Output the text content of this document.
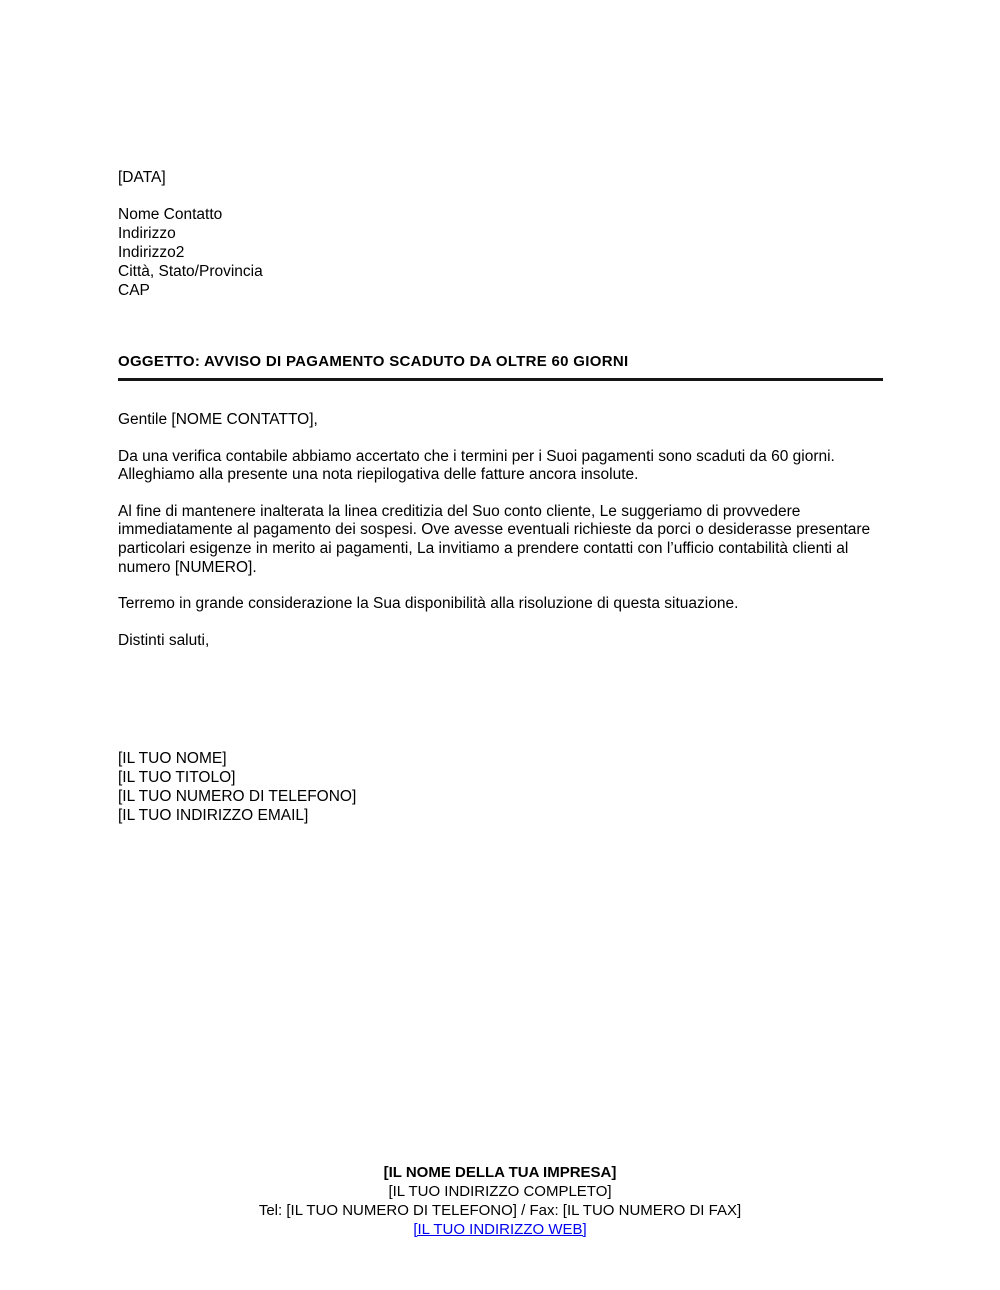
[DATA]
Nome Contatto
Indirizzo
Indirizzo2
Città, Stato/Provincia
CAP
OGGETTO: AVVISO DI PAGAMENTO SCADUTO DA OLTRE 60 GIORNI

Gentile [NOME CONTATTO],

Da una verifica contabile abbiamo accertato che i termini per i Suoi pagamenti sono scaduti da 60 giorni. Alleghiamo alla presente una nota riepilogativa delle fatture ancora insolute.

Al fine di mantenere inalterata la linea creditizia del Suo conto cliente, Le suggeriamo di provvedere immediatamente al pagamento dei sospesi. Ove avesse eventuali richieste da porci o desiderasse presentare particolari esigenze in merito ai pagamenti, La invitiamo a prendere contatti con l’ufficio contabilità clienti al numero [NUMERO].

Terremo in grande considerazione la Sua disponibilità alla risoluzione di questa situazione.

Distinti saluti,

[IL TUO NOME]
[IL TUO TITOLO]
[IL TUO NUMERO DI TELEFONO]
[IL TUO INDIRIZZO EMAIL]
[IL NOME DELLA TUA IMPRESA]
[IL TUO INDIRIZZO COMPLETO]
Tel: [IL TUO NUMERO DI TELEFONO] / Fax: [IL TUO NUMERO DI FAX]
[IL TUO INDIRIZZO WEB]
